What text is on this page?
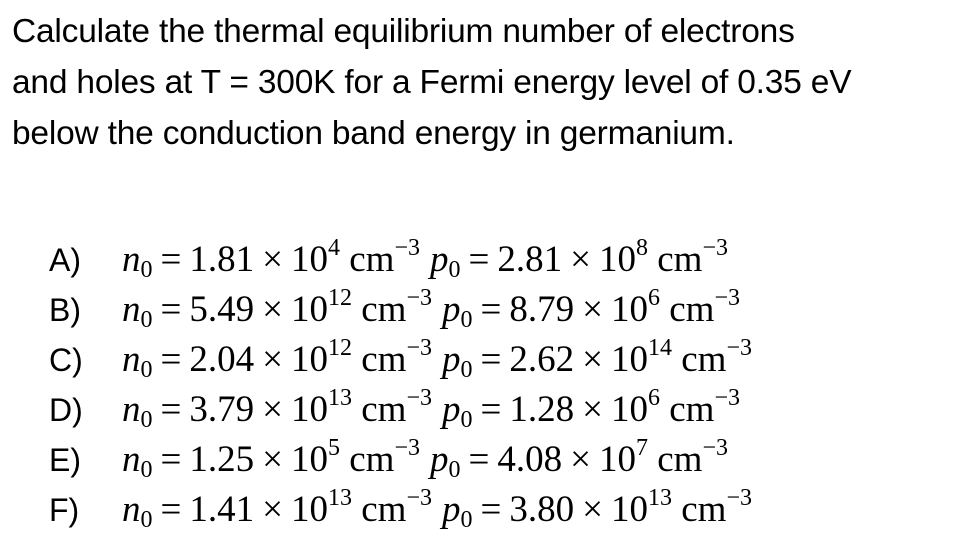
Calculate the thermal equilibrium number of electrons
and holes at T = 300K for a Fermi energy level of 0.35 eV
below the conduction band energy in germanium.
A) $n0 = 1.81 \times 10^4$ $cm^{-3}$ $p0 = 2.81 \times 10^8$ $cm^{-3}$
B) $n0 = 5.49 \times 10^{12}$ $cm^{-3}$ $p0 = 8.79 \times 10^6$ $cm^{-3}$
C) $n0 = 2.04 \times 10^{12}$ $cm^{-3}$ $p0 = 2.62 \times 10^{14}$ $cm^{-3}$
D) $n0 = 3.79 \times 10^{13}$ $cm^{-3}$ $p0 = 1.28 \times 10^6$ $cm^{-3}$
E) $n0 = 1.25 \times 10^5$ $cm^{-3}$ $p0 = 4.08 \times 10^7$ $cm^{-3}$
F) $n0 = 1.41 \times 10^{13}$ $cm^{-3}$ $p0 = 3.80 \times 10^{13}$ $cm^{-3}$
